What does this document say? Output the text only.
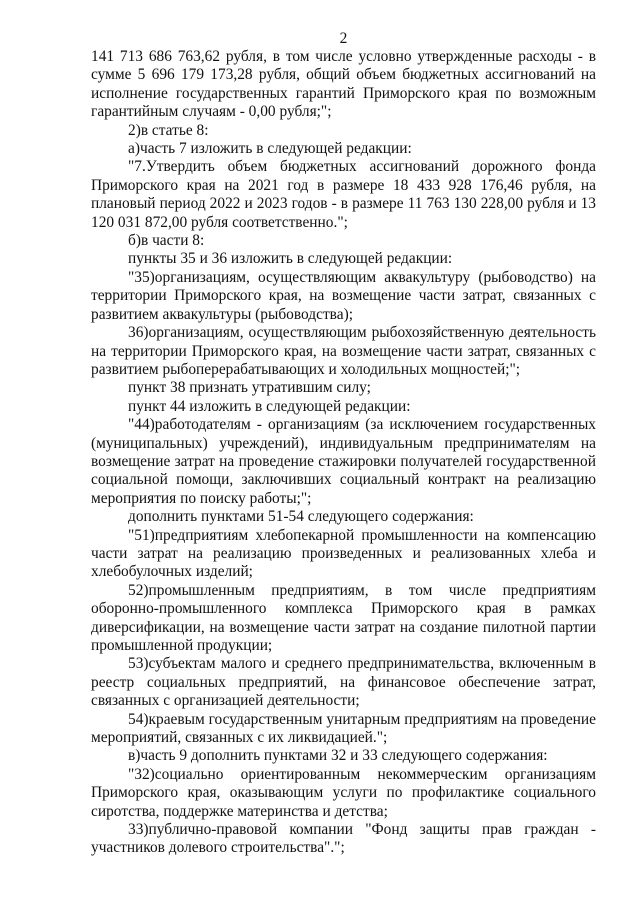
2

141 713 686 763,62 рубля, в том числе условно утвержденные расходы - в сумме 5 696 179 173,28 рубля, общий объем бюджетных ассигнований на исполнение государственных гарантий Приморского края по возможным гарантийным случаям - 0,00 рубля;";

2)в статье 8:

а)часть 7 изложить в следующей редакции:

"7.Утвердить объем бюджетных ассигнований дорожного фонда Приморского края на 2021 год в размере 18 433 928 176,46 рубля, на плановый период 2022 и 2023 годов - в размере 11 763 130 228,00 рубля и 13 120 031 872,00 рубля соответственно.";

б)в части 8:

пункты 35 и 36 изложить в следующей редакции:

"35)организациям, осуществляющим аквакультуру (рыбоводство) на территории Приморского края, на возмещение части затрат, связанных с развитием аквакультуры (рыбоводства);

36)организациям, осуществляющим рыбохозяйственную деятельность на территории Приморского края, на возмещение части затрат, связанных с развитием рыбоперерабатывающих и холодильных мощностей;";

пункт 38 признать утратившим силу;

пункт 44 изложить в следующей редакции:

"44)работодателям - организациям (за исключением государственных (муниципальных) учреждений), индивидуальным предпринимателям на возмещение затрат на проведение стажировки получателей государственной социальной помощи, заключивших социальный контракт на реализацию мероприятия по поиску работы;";

дополнить пунктами 51-54 следующего содержания:

"51)предприятиям хлебопекарной промышленности на компенсацию части затрат на реализацию произведенных и реализованных хлеба и хлебобулочных изделий;

52)промышленным предприятиям, в том числе предприятиям оборонно-промышленного комплекса Приморского края в рамках диверсификации, на возмещение части затрат на создание пилотной партии промышленной продукции;

53)субъектам малого и среднего предпринимательства, включенным в реестр социальных предприятий, на финансовое обеспечение затрат, связанных с организацией деятельности;

54)краевым государственным унитарным предприятиям на проведение мероприятий, связанных с их ликвидацией.";

в)часть 9 дополнить пунктами 32 и 33 следующего содержания:

"32)социально ориентированным некоммерческим организациям Приморского края, оказывающим услуги по профилактике социального сиротства, поддержке материнства и детства;

33)публично-правовой компании "Фонд защиты прав граждан - участников долевого строительства".";
